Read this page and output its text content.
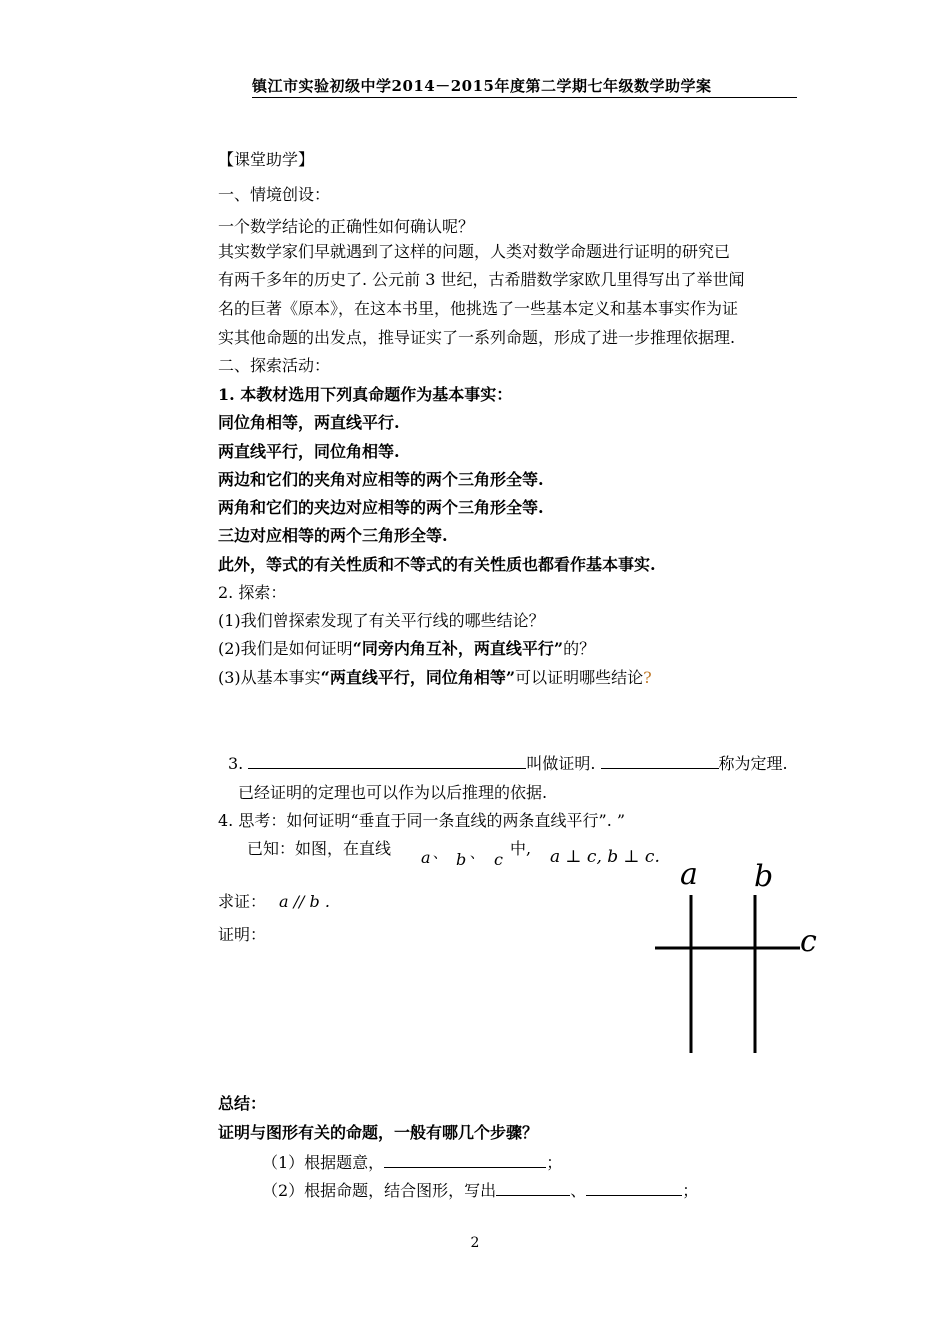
镇江市实验初级中学2014－2015年度第二学期七年级数学助学案
【课堂助学】
一、情境创设：
一个数学结论的正确性如何确认呢？
其实数学家们早就遇到了这样的问题，人类对数学命题进行证明的研究已
有两千多年的历史了. 公元前 3 世纪，古希腊数学家欧几里得写出了举世闻
名的巨著《原本》，在这本书里，他挑选了一些基本定义和基本事实作为证
实其他命题的出发点，推导证实了一系列命题，形成了进一步推理依据理.
二、探索活动：
1. 本教材选用下列真命题作为基本事实：
同位角相等，两直线平行.
两直线平行，同位角相等.
两边和它们的夹角对应相等的两个三角形全等.
两角和它们的夹边对应相等的两个三角形全等.
三边对应相等的两个三角形全等.
此外，等式的有关性质和不等式的有关性质也都看作基本事实.
2. 探索：
(1)我们曾探索发现了有关平行线的哪些结论？
(2)我们是如何证明“同旁内角互补，两直线平行”的？
(3)从基本事实“两直线平行，同位角相等”可以证明哪些结论?
3.	叫做证明.	称为定理.
已经证明的定理也可以作为以后推理的依据.
4. 思考：如何证明“垂直于同一条直线的两条直线平行”. ”
已知：如图，在直线 a 、 b 、 c
中, a ⊥ c, b ⊥ c.
求证： a // b .
证明：
a b
c
总结：
证明与图形有关的命题，一般有哪几个步骤？
（1）根据题意，	；
（2）根据命题，结合图形，写出	、	；
2
